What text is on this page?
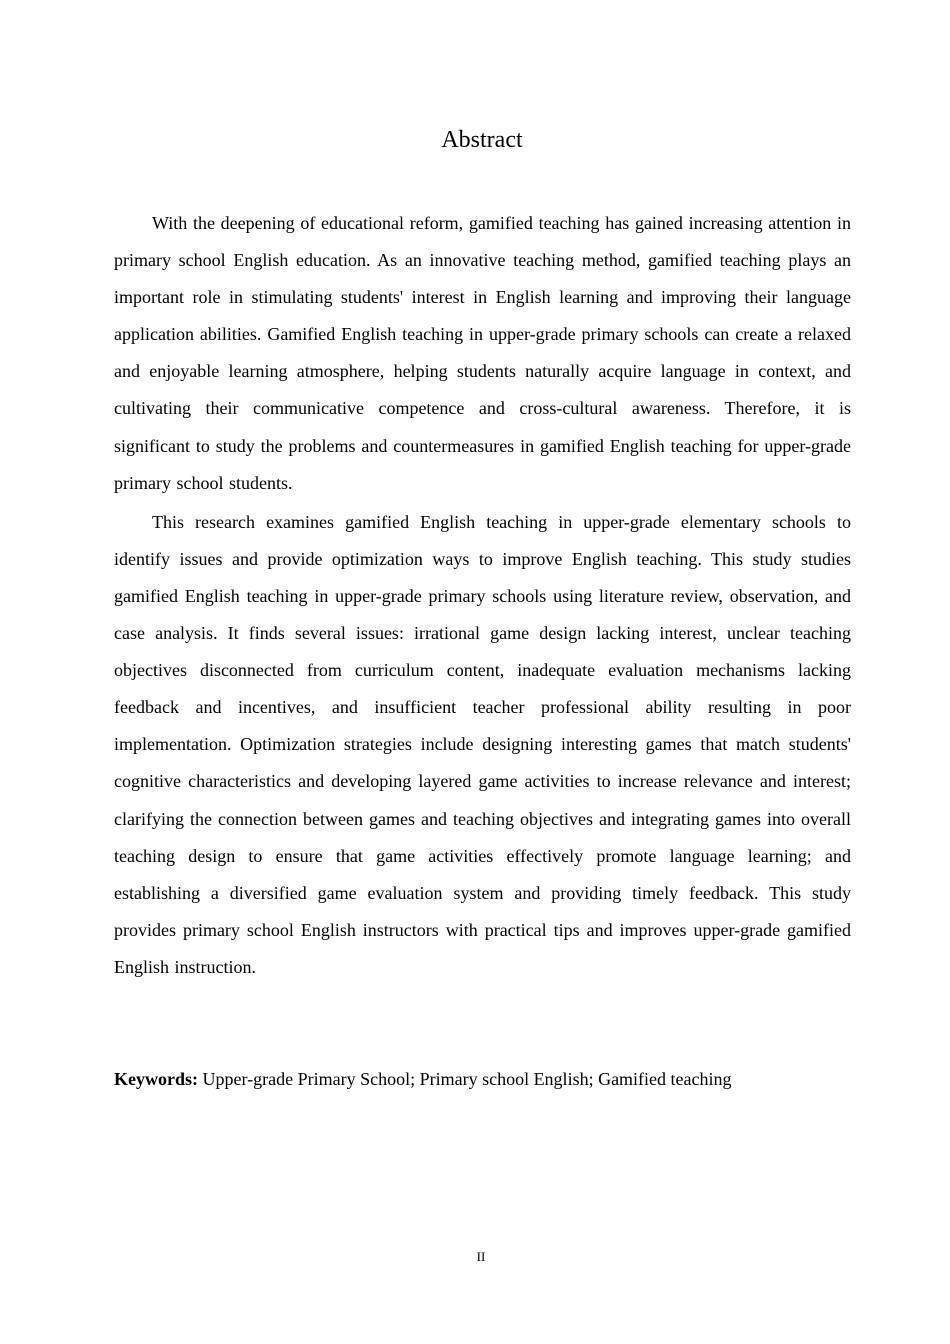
Abstract

With the deepening of educational reform, gamified teaching has gained increasing attention in primary school English education. As an innovative teaching method, gamified teaching plays an important role in stimulating students' interest in English learning and improving their language application abilities. Gamified English teaching in upper-grade primary schools can create a relaxed and enjoyable learning atmosphere, helping students naturally acquire language in context, and cultivating their communicative competence and cross-cultural awareness. Therefore, it is significant to study the problems and countermeasures in gamified English teaching for upper-grade primary school students.

This research examines gamified English teaching in upper-grade elementary schools to identify issues and provide optimization ways to improve English teaching. This study studies gamified English teaching in upper-grade primary schools using literature review, observation, and case analysis. It finds several issues: irrational game design lacking interest, unclear teaching objectives disconnected from curriculum content, inadequate evaluation mechanisms lacking feedback and incentives, and insufficient teacher professional ability resulting in poor implementation. Optimization strategies include designing interesting games that match students' cognitive characteristics and developing layered game activities to increase relevance and interest; clarifying the connection between games and teaching objectives and integrating games into overall teaching design to ensure that game activities effectively promote language learning; and establishing a diversified game evaluation system and providing timely feedback. This study provides primary school English instructors with practical tips and improves upper-grade gamified English instruction.

Keywords: Upper-grade Primary School; Primary school English; Gamified teaching

II
